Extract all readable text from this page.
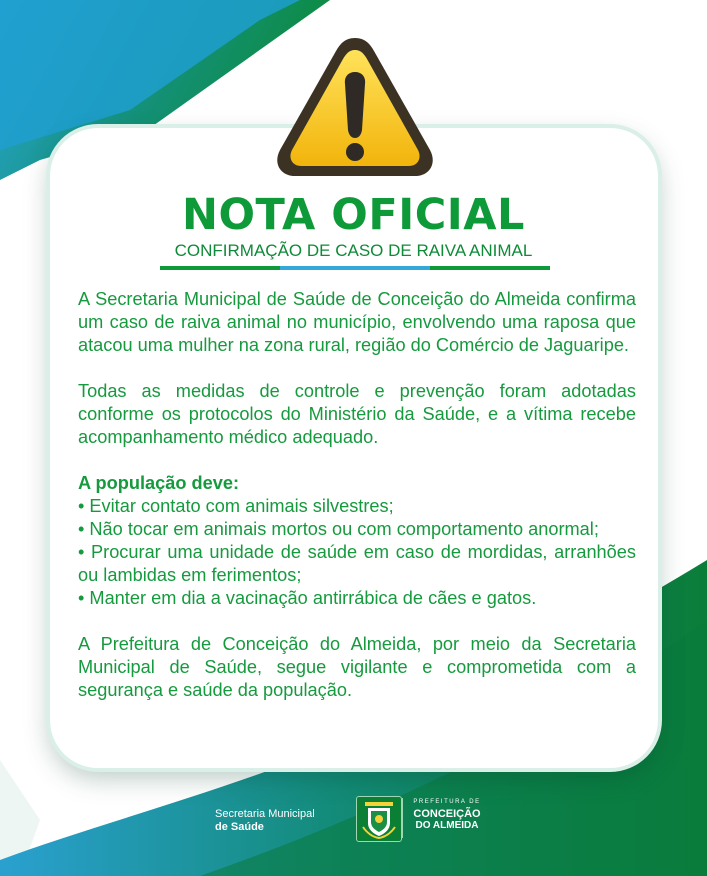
NOTA OFICIAL
CONFIRMAÇÃO DE CASO DE RAIVA ANIMAL

A Secretaria Municipal de Saúde de Conceição do Almeida confirma um caso de raiva animal no município, envolvendo uma raposa que atacou uma mulher na zona rural, região do Comércio de Jaguaripe.

Todas as medidas de controle e prevenção foram adotadas conforme os protocolos do Ministério da Saúde, e a vítima recebe acompanhamento médico adequado.

A população deve:
• Evitar contato com animais silvestres;
• Não tocar em animais mortos ou com comportamento anormal;
• Procurar uma unidade de saúde em caso de mordidas, arranhões ou lambidas em ferimentos;
• Manter em dia a vacinação antirrábica de cães e gatos.

A Prefeitura de Conceição do Almeida, por meio da Secretaria Municipal de Saúde, segue vigilante e comprometida com a segurança e saúde da população.

Secretaria Municipal
de Saúde
PREFEITURA DE
CONCEIÇÃO
DO ALMEIDA
